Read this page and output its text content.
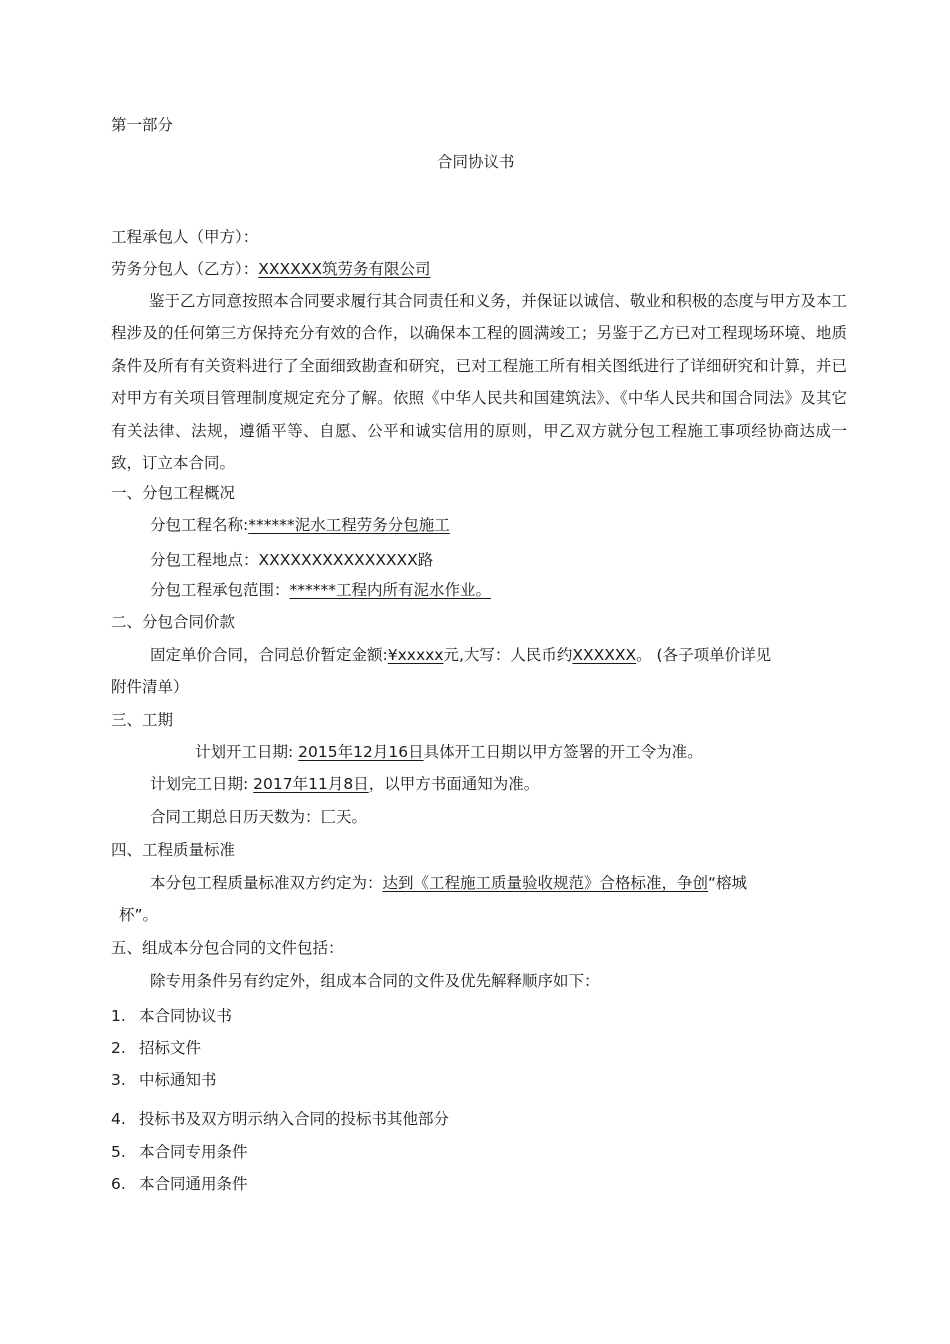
第一部分
合同协议书
工程承包人（甲方）：
劳务分包人（乙方）：XXXXXX筑劳务有限公司
鉴于乙方同意按照本合同要求履行其合同责任和义务，并保证以诚信、敬业和积极的态度与甲方及本工程涉及的任何第三方保持充分有效的合作，以确保本工程的圆满竣工；另鉴于乙方已对工程现场环境、地质条件及所有有关资料进行了全面细致勘查和研究，已对工程施工所有相关图纸进行了详细研究和计算，并已对甲方有关项目管理制度规定充分了解。依照《中华人民共和国建筑法》、《中华人民共和国合同法》及其它有关法律、法规，遵循平等、自愿、公平和诚实信用的原则，甲乙双方就分包工程施工事项经协商达成一致，订立本合同。
一、分包工程概况
分包工程名称:******泥水工程劳务分包施工
分包工程地点：XXXXXXXXXXXXXXX路
分包工程承包范围：******工程内所有泥水作业。
二、分包合同价款
固定单价合同，合同总价暂定金额:¥xxxxx元,大写：人民币约XXXXXX。 (各子项单价详见
附件清单）
三、工期
计划开工日期: 2015年12月16日具体开工日期以甲方签署的开工令为准。
计划完工日期: 2017年11月8日，以甲方书面通知为准。
合同工期总日历天数为：匚天。
四、工程质量标准
本分包工程质量标准双方约定为：达到《工程施工质量验收规范》合格标准，争创“榕城
杯”。
五、组成本分包合同的文件包括：
除专用条件另有约定外，组成本合同的文件及优先解释顺序如下：
1. 本合同协议书
2. 招标文件
3. 中标通知书
4. 投标书及双方明示纳入合同的投标书其他部分
5. 本合同专用条件
6. 本合同通用条件
